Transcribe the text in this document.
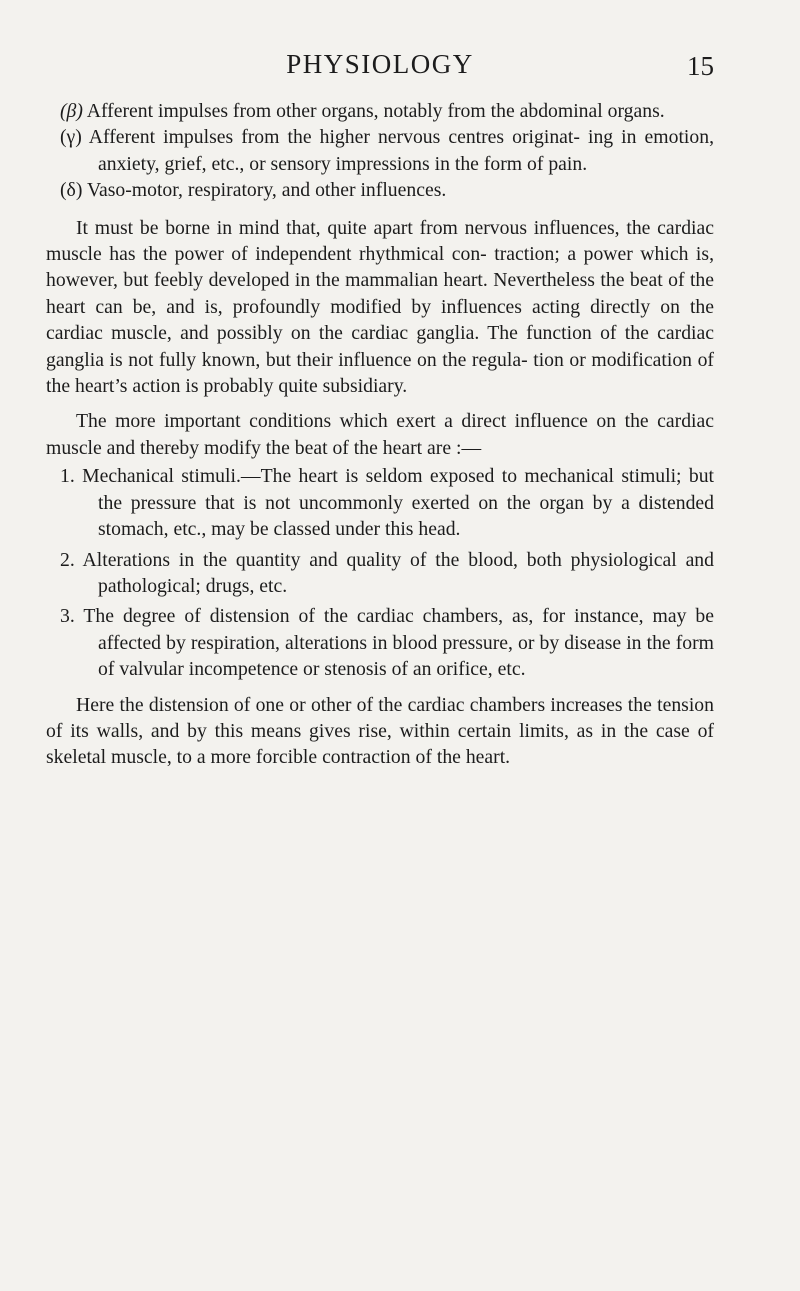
PHYSIOLOGY	15

(β) Afferent impulses from other organs, notably from the abdominal organs.

(γ) Afferent impulses from the higher nervous centres originat- ing in emotion, anxiety, grief, etc., or sensory impressions in the form of pain.

(δ) Vaso-motor, respiratory, and other influences.

It must be borne in mind that, quite apart from nervous influences, the cardiac muscle has the power of independent rhythmical con- traction; a power which is, however, but feebly developed in the mammalian heart. Nevertheless the beat of the heart can be, and is, profoundly modified by influences acting directly on the cardiac muscle, and possibly on the cardiac ganglia. The function of the cardiac ganglia is not fully known, but their influence on the regula- tion or modification of the heart’s action is probably quite subsidiary.

The more important conditions which exert a direct influence on the cardiac muscle and thereby modify the beat of the heart are :—

1. Mechanical stimuli.—The heart is seldom exposed to mechanical stimuli; but the pressure that is not uncommonly exerted on the organ by a distended stomach, etc., may be classed under this head.

2. Alterations in the quantity and quality of the blood, both physiological and pathological; drugs, etc.

3. The degree of distension of the cardiac chambers, as, for instance, may be affected by respiration, alterations in blood pressure, or by disease in the form of valvular incompetence or stenosis of an orifice, etc.

Here the distension of one or other of the cardiac chambers increases the tension of its walls, and by this means gives rise, within certain limits, as in the case of skeletal muscle, to a more forcible contraction of the heart.
